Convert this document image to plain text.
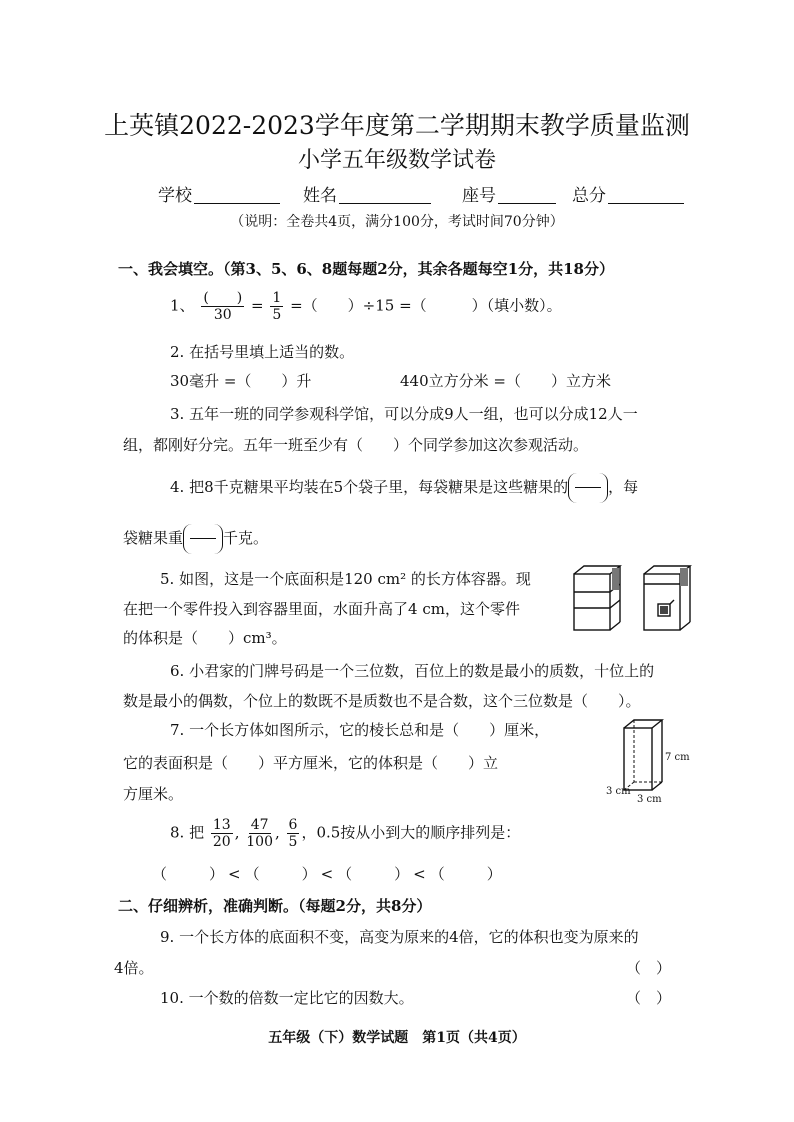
上英镇2022-2023学年度第二学期期末教学质量监测
小学五年级数学试卷
学校	姓名	座号	总分
（说明：全卷共4页，满分100分，考试时间70分钟）
一、我会填空。（第3、5、6、8题每题2分，其余各题每空1分，共18分）
1、 $\frac{( )}{30} = \frac{1}{5}$ =（　　）÷15 =（　　　）（填小数）。
2. 在括号里填上适当的数。
30毫升 =（　　）升	440立方分米 =（　　）立方米
3. 五年一班的同学参观科学馆，可以分成9人一组，也可以分成12人一
组，都刚好分完。五年一班至少有（　　）个同学参加这次参观活动。
4. 把8千克糖果平均装在5个袋子里，每袋糖果是这些糖果的	，每
袋糖果重	千克。
5. 如图，这是一个底面积是120 cm² 的长方体容器。现
在把一个零件投入到容器里面，水面升高了4 cm，这个零件
的体积是（　　）cm³。
6. 小君家的门牌号码是一个三位数，百位上的数是最小的质数，十位上的
数是最小的偶数，个位上的数既不是质数也不是合数，这个三位数是（　　）。
7. 一个长方体如图所示，它的棱长总和是（　　）厘米，
它的表面积是（　　）平方厘米，它的体积是（　　）立
方厘米。
7 cm
3 cm
3 cm
8. 把 $\frac{13}{20}$ , $\frac{47}{100}$ , $\frac{6}{5}$ ，0.5按从小到大的顺序排列是：
（　　）<（　　）<（　　）<（　　）
二、仔细辨析，准确判断。（每题2分，共8分）
9. 一个长方体的底面积不变，高变为原来的4倍，它的体积也变为原来的
4倍。	（　）
10. 一个数的倍数一定比它的因数大。	（　）
五年级（下）数学试题　第1页（共4页）
